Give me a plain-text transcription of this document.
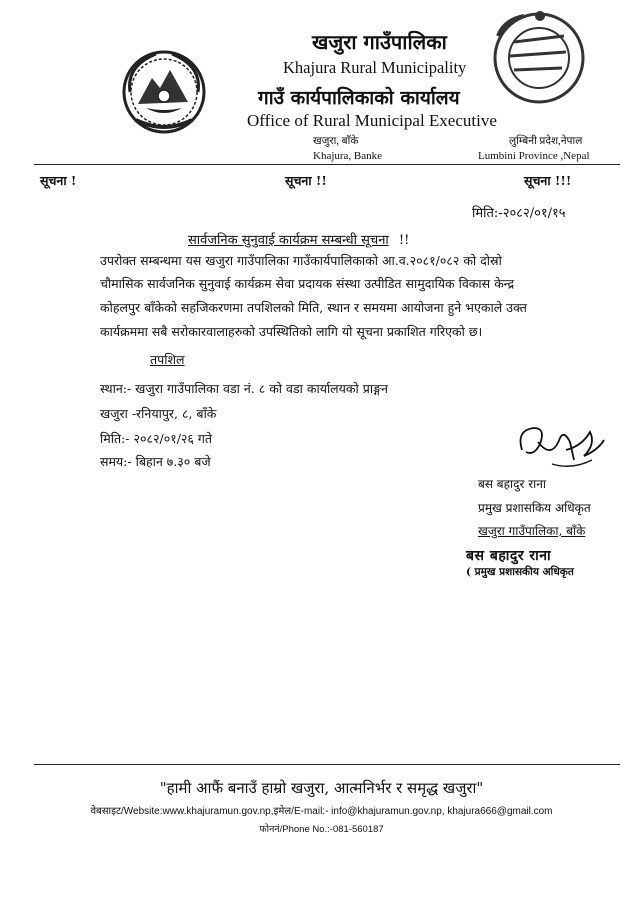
खजुरा गाउँपालिका
Khajura Rural Municipality
गाउँ कार्यपालिकाको कार्यालय
Office of Rural Municipal Executive
खजुरा, बाँके
Khajura, Banke
लुम्बिनी प्रदेश,नेपाल
Lumbini Province ,Nepal
सूचना !	सूचना !!	सूचना !!!
मिति:-२०८२/०१/१५
सार्वजनिक सुनुवाई कार्यक्रम सम्बन्धी सूचना !!
उपरोक्त सम्बन्धमा यस खजुरा गाउँपालिका गाउँकार्यपालिकाको आ.व.२०८१/०८२ को दोस्रो
चौमासिक सार्वजनिक सुनुवाई कार्यक्रम सेवा प्रदायक संस्था उत्पीडित सामुदायिक विकास केन्द्र
कोहलपुर बाँकेको सहजिकरणमा तपशिलको मिति, स्थान र समयमा आयोजना हुने भएकाले उक्त
कार्यक्रममा सबै सरोकारवालाहरुको उपस्थितिको लागि यो सूचना प्रकाशित गरिएको छ।
तपशिल
स्थान:- खजुरा गाउँपालिका वडा नं. ८ को वडा कार्यालयको प्राङ्गन
खजुरा -रनियापुर, ८, बाँके
मिति:- २०८२/०१/२६ गते
समय:- बिहान ७.३० बजे
बस बहादुर राना
प्रमुख प्रशासकिय अधिकृत
खजुरा गाउँपालिका, बाँके
बस बहादुर राना
( प्रमुख प्रशासकीय अधिकृत
"हामी आफैं बनाउँ हाम्रो खजुरा, आत्मनिर्भर र समृद्ध खजुरा"
वेबसाइट/Website:www.khajuramun.gov.np,इमेल/E-mail:- info@khajuramun.gov.np, khajura666@gmail.com
फोननं/Phone No.:-081-560187
